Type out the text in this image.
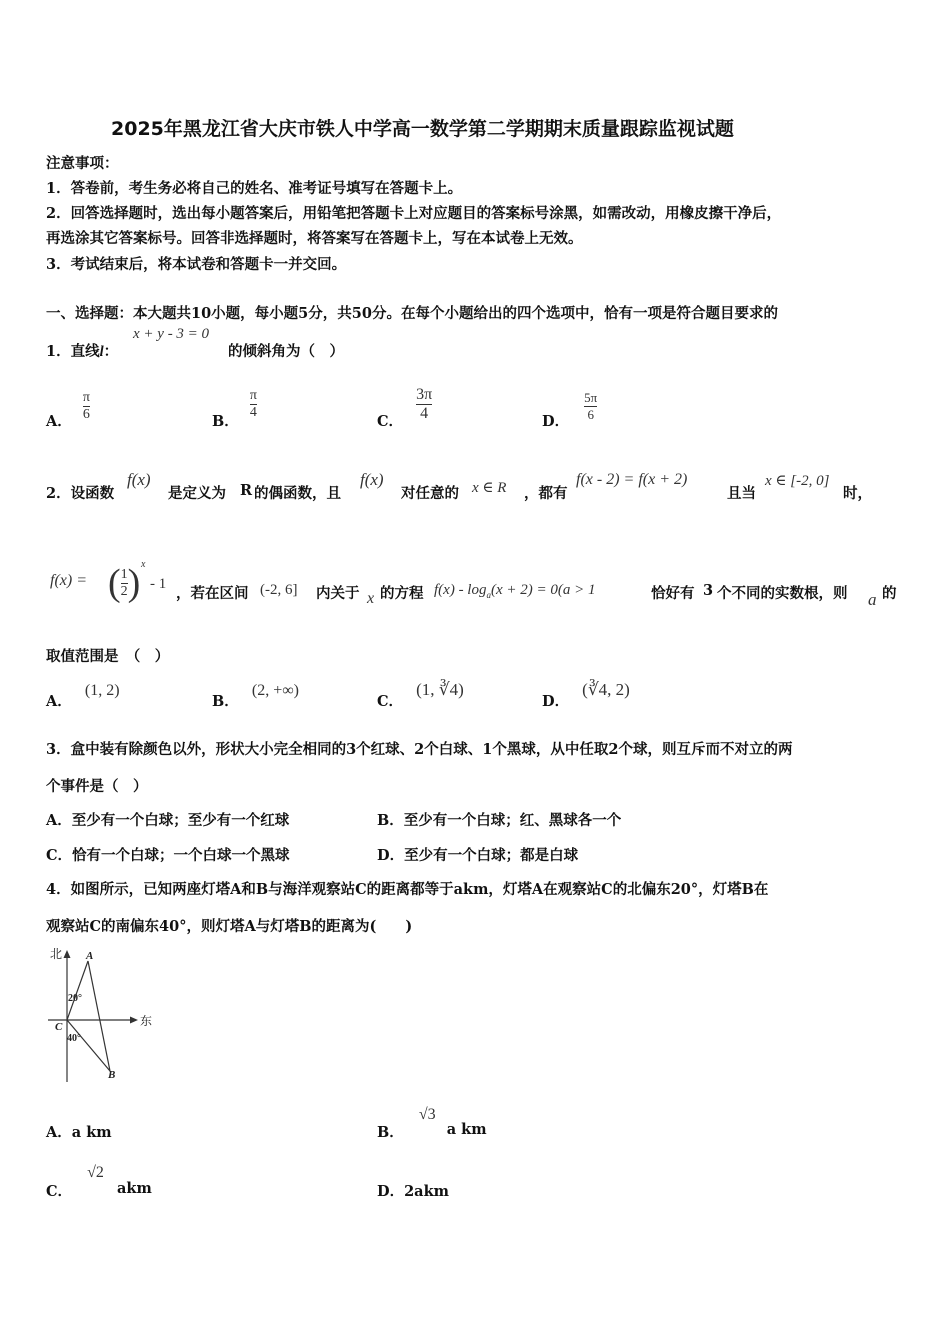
2025年黑龙江省大庆市铁人中学高一数学第二学期期末质量跟踪监视试题
注意事项：
1．答卷前，考生务必将自己的姓名、准考证号填写在答题卡上。
2．回答选择题时，选出每小题答案后，用铅笔把答题卡上对应题目的答案标号涂黑，如需改动，用橡皮擦干净后，
再选涂其它答案标号。回答非选择题时，将答案写在答题卡上，写在本试卷上无效。
3．考试结束后，将本试卷和答题卡一并交回。
一、选择题：本大题共10小题，每小题5分，共50分。在每个小题给出的四个选项中，恰有一项是符合题目要求的
1．直线l：
x + y - 3 = 0
的倾斜角为（　）
A． $\frac{\pi}{6}$	B．
$\frac{\pi}{4}$
C． $\frac{3\pi}{4}$	D． $\frac{5\pi}{6}$
2．设函数
f(x)
是定义为 R 的偶函数，且
f(x)
对任意的 x ∈ R ，都有
f(x - 2) = f(x + 2)
且当
x ∈ [-2, 0]
时，
f(x) = ( $\frac{1}{2}$ ) x
- 1
，若在区间 (-2, 6] 内关于 x 的方程 $f(x) - \log_a(x + 2) = 0(a > 1$	恰好有 3 个不同的实数根，则 a 的
取值范围是　（　）
A． (1, 2)
B． (2, +∞)
C． (1, ∛4)
D． (∛4, 2)
3．盒中装有除颜色以外，形状大小完全相同的3个红球、2个白球、1个黑球，从中任取2个球，则互斥而不对立的两
个事件是（　）
A．至少有一个白球；至少有一个红球	B．至少有一个白球；红、黑球各一个
C．恰有一个白球；一个白球一个黑球	D．至少有一个白球；都是白球
4．如图所示，已知两座灯塔A和B与海洋观察站C的距离都等于akm，灯塔A在观察站C的北偏东20°，灯塔B在
观察站C的南偏东40°，则灯塔A与灯塔B的距离为(　　)
北
东
A
B
C
20°
40°
A．a km	B． √3 a km
C． √2 akm	D．2akm
